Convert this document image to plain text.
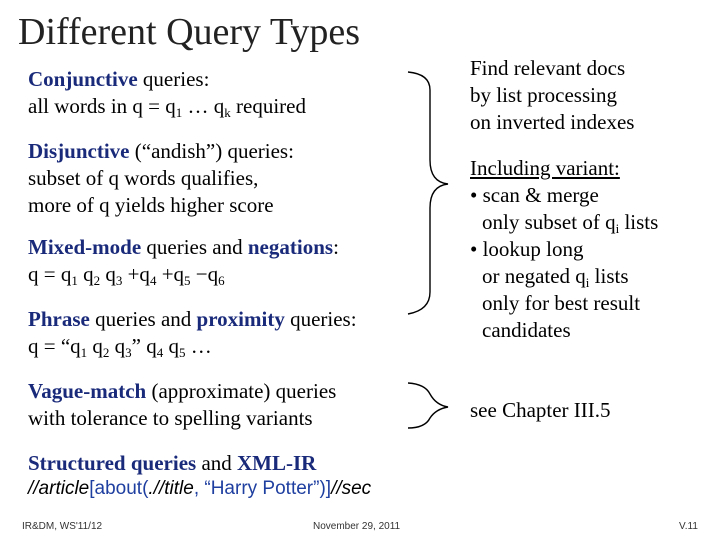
Different Query Types
Conjunctive queries:
all words in $q = q_1$ … $q_k$ required
Disjunctive (“andish”) queries:
subset of q words qualifies,
more of q yields higher score
Mixed-mode queries and negations:
$q = q_1$ $q_2$ $q_3 +q_4 +q_5 -q_6$
Phrase queries and proximity queries:
$q = “q_1$ $q_2$ $q_3$” $q_4$ $q_5$ …
Vague-match (approximate) queries
with tolerance to spelling variants
Structured queries and XML-IR
//article[about(.//title, “Harry Potter”)]//sec
Find relevant docs
by list processing
on inverted indexes
Including variant:
• scan & merge
only subset of $q_i$ lists
• lookup long
or negated $q_i$ lists
only for best result
candidates
see Chapter III.5
IR&DM, WS'11/12	November 29, 2011	V.11
